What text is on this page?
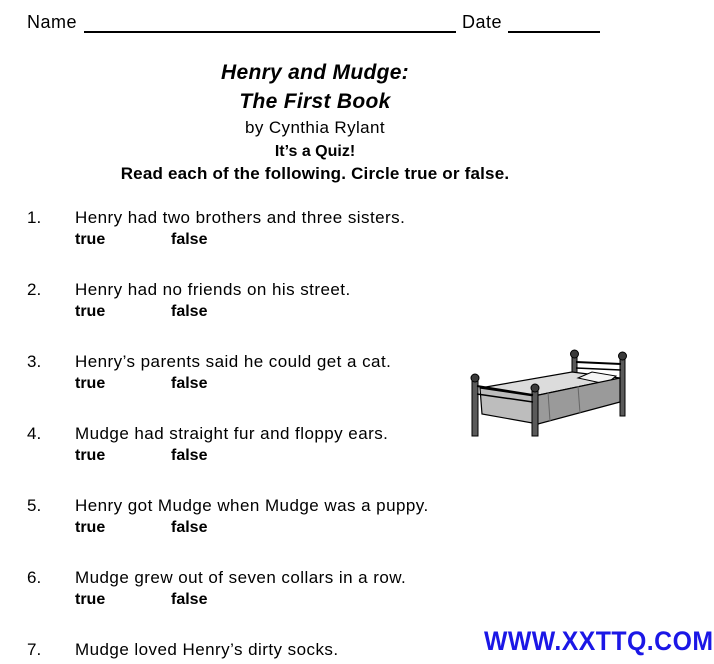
Name	Date
Henry and Mudge:
The First Book
by Cynthia Rylant
It’s a Quiz!
Read each of the following. Circle true or false.
1. Henry had two brothers and three sisters.
true	false
2. Henry had no friends on his street.
true	false
3. Henry’s parents said he could get a cat.
true	false
4. Mudge had straight fur and floppy ears.
true	false
5. Henry got Mudge when Mudge was a puppy.
true	false
6. Mudge grew out of seven collars in a row.
true	false
7. Mudge loved Henry’s dirty socks.	WWW.XXTTQ.COM
